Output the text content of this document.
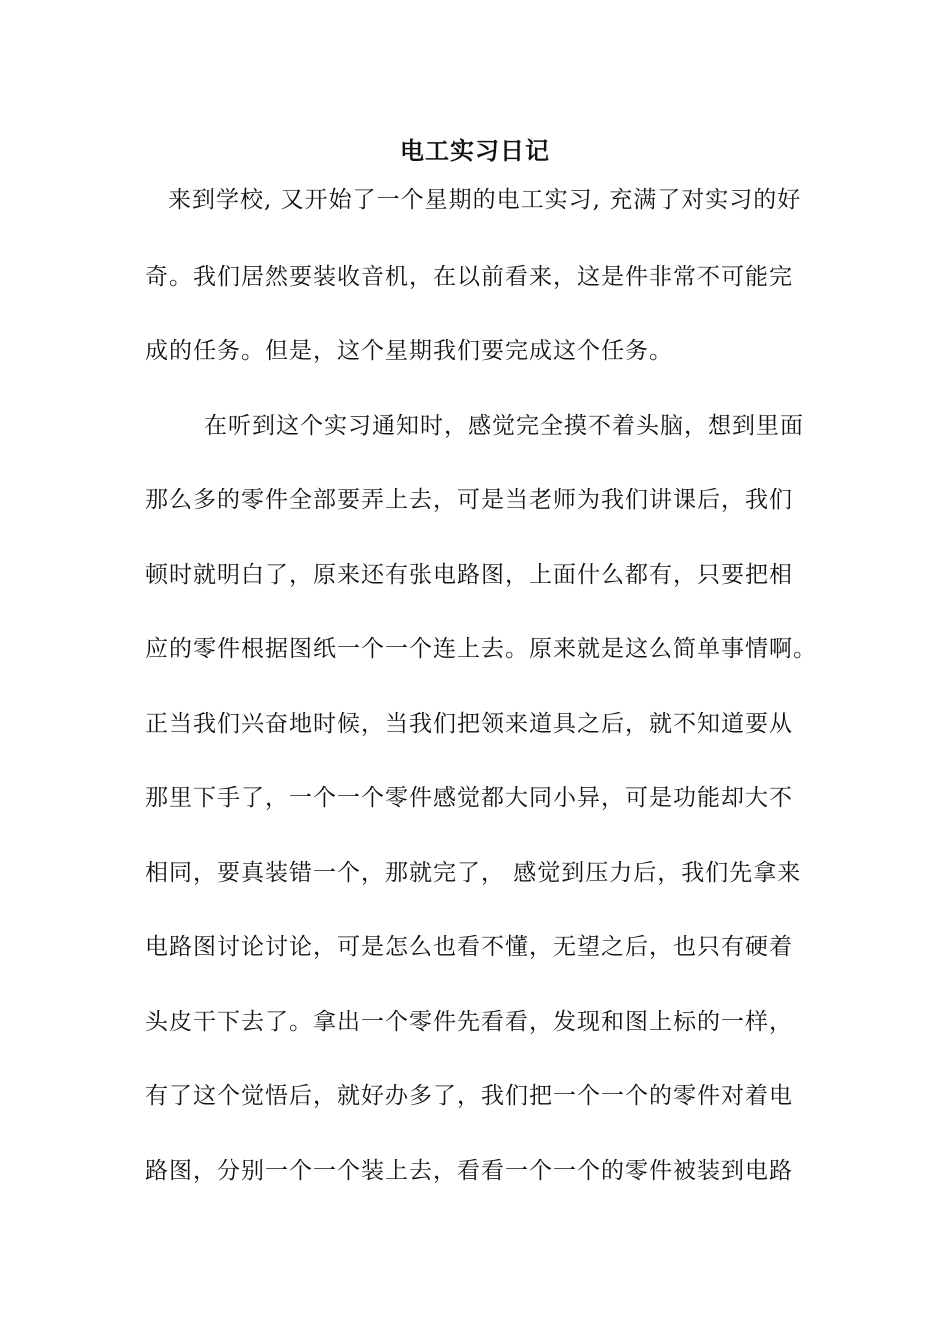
电工实习日记
来到学校, 又开始了一个星期的电工实习, 充满了对实习的好
奇。我们居然要装收音机，在以前看来，这是件非常不可能完
成的任务。但是，这个星期我们要完成这个任务。
在听到这个实习通知时，感觉完全摸不着头脑，想到里面
那么多的零件全部要弄上去，可是当老师为我们讲课后，我们
顿时就明白了，原来还有张电路图，上面什么都有，只要把相
应的零件根据图纸一个一个连上去。原来就是这么简单事情啊。
正当我们兴奋地时候，当我们把领来道具之后，就不知道要从
那里下手了，一个一个零件感觉都大同小异，可是功能却大不
相同，要真装错一个，那就完了， 感觉到压力后，我们先拿来
电路图讨论讨论，可是怎么也看不懂，无望之后，也只有硬着
头皮干下去了。拿出一个零件先看看，发现和图上标的一样，
有了这个觉悟后，就好办多了，我们把一个一个的零件对着电
路图，分别一个一个装上去，看看一个一个的零件被装到电路
